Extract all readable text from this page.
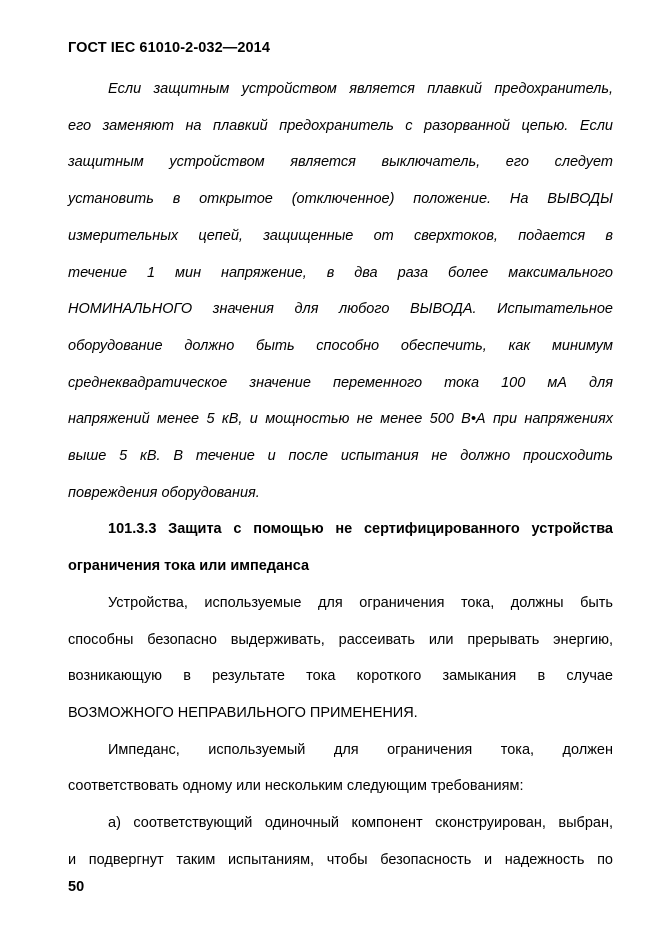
ГОСТ IEC 61010-2-032—2014

Если защитным устройством является плавкий предохранитель,

его заменяют на плавкий предохранитель с разорванной цепью. Если

защитным устройством является выключатель, его следует

установить в открытое (отключенное) положение. На ВЫВОДЫ

измерительных цепей, защищенные от сверхтоков, подается в

течение 1 мин напряжение, в два раза более максимального

НОМИНАЛЬНОГО значения для любого ВЫВОДА. Испытательное

оборудование должно быть способно обеспечить, как минимум

среднеквадратическое значение переменного тока 100 мА для

напряжений менее 5 кВ, и мощностью не менее 500 В•А при напряжениях

выше 5 кВ. В течение и после испытания не должно происходить

повреждения оборудования.

101.3.3 Защита с помощью не сертифицированного устройства

ограничения тока или импеданса

Устройства, используемые для ограничения тока, должны быть

способны безопасно выдерживать, рассеивать или прерывать энергию,

возникающую в результате тока короткого замыкания в случае

ВОЗМОЖНОГО НЕПРАВИЛЬНОГО ПРИМЕНЕНИЯ.

Импеданс, используемый для ограничения тока, должен

соответствовать одному или нескольким следующим требованиям:

а) соответствующий одиночный компонент сконструирован, выбран,

и подвергнут таким испытаниям, чтобы безопасность и надежность по

50
